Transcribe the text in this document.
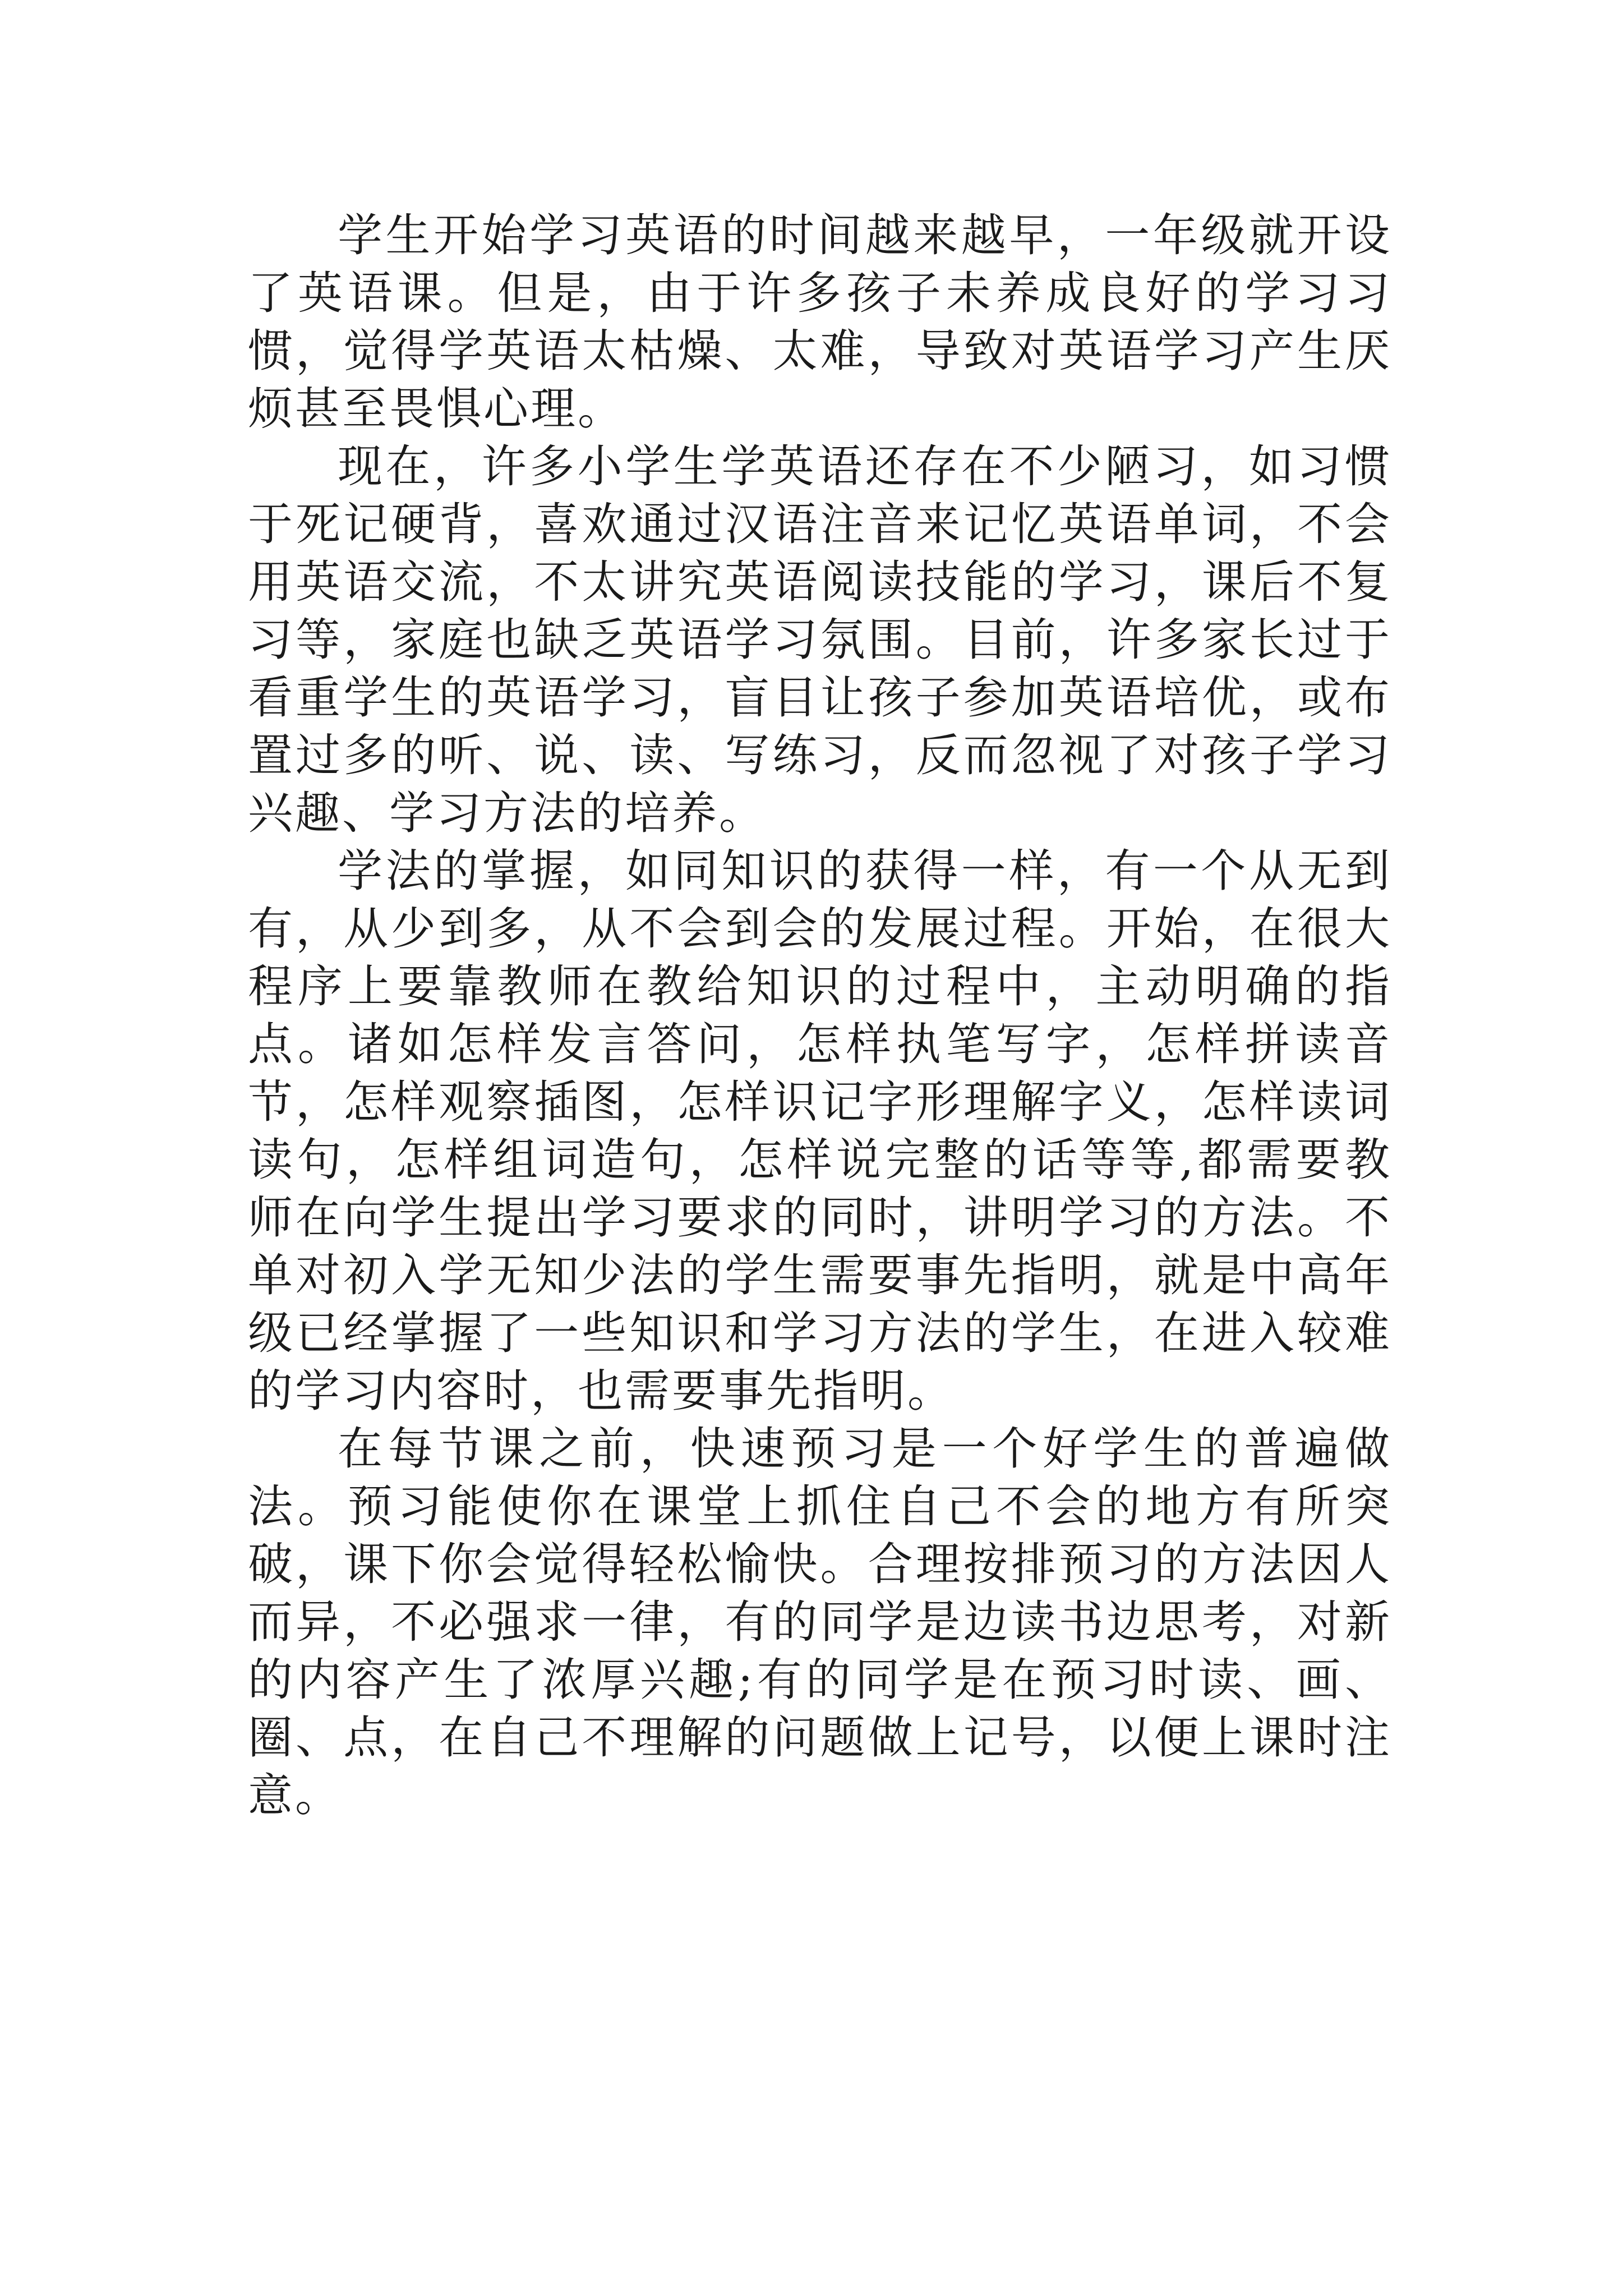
学生开始学习英语的时间越来越早，一年级就开设了英语课。但是，由于许多孩子未养成良好的学习习惯，觉得学英语太枯燥、太难，导致对英语学习产生厌烦甚至畏惧心理。

现在，许多小学生学英语还存在不少陋习，如习惯于死记硬背，喜欢通过汉语注音来记忆英语单词，不会用英语交流，不太讲究英语阅读技能的学习，课后不复习等，家庭也缺乏英语学习氛围。目前，许多家长过于看重学生的英语学习，盲目让孩子参加英语培优，或布置过多的听、说、读、写练习，反而忽视了对孩子学习兴趣、学习方法的培养。

学法的掌握，如同知识的获得一样，有一个从无到有，从少到多，从不会到会的发展过程。开始，在很大程序上要靠教师在教给知识的过程中，主动明确的指点。诸如怎样发言答问，怎样执笔写字，怎样拼读音节，怎样观察插图，怎样识记字形理解字义，怎样读词读句，怎样组词造句，怎样说完整的话等等,都需要教师在向学生提出学习要求的同时，讲明学习的方法。不单对初入学无知少法的学生需要事先指明，就是中高年级已经掌握了一些知识和学习方法的学生，在进入较难的学习内容时，也需要事先指明。

在每节课之前，快速预习是一个好学生的普遍做法。预习能使你在课堂上抓住自己不会的地方有所突破，课下你会觉得轻松愉快。合理按排预习的方法因人而异，不必强求一律，有的同学是边读书边思考，对新的内容产生了浓厚兴趣;有的同学是在预习时读、画、圈、点，在自己不理解的问题做上记号，以便上课时注意。
